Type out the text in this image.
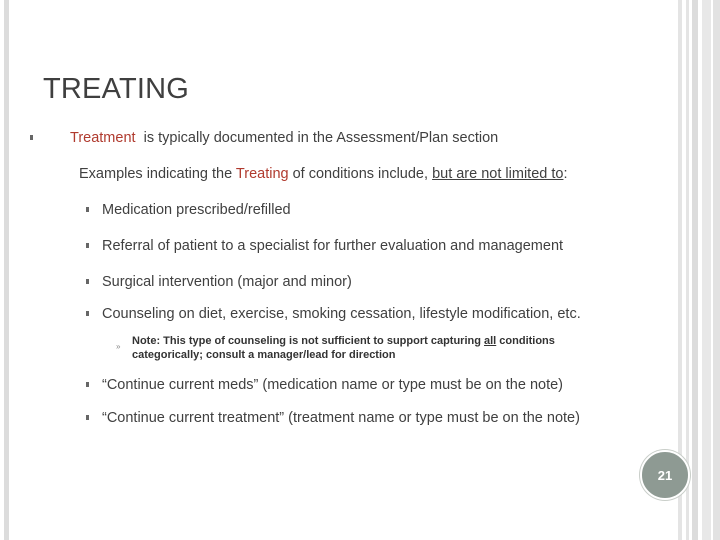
TREATING
Treatment  is typically documented in the Assessment/Plan section
Examples indicating the Treating of conditions include, but are not limited to:
Medication prescribed/refilled
Referral of patient to a specialist for further evaluation and management
Surgical intervention (major and minor)
Counseling on diet, exercise, smoking cessation, lifestyle modification, etc.
» Note: This type of counseling is not sufficient to support capturing all conditions categorically; consult a manager/lead for direction
“Continue current meds” (medication name or type must be on the note)
“Continue current treatment” (treatment name or type must be on the note)
21
